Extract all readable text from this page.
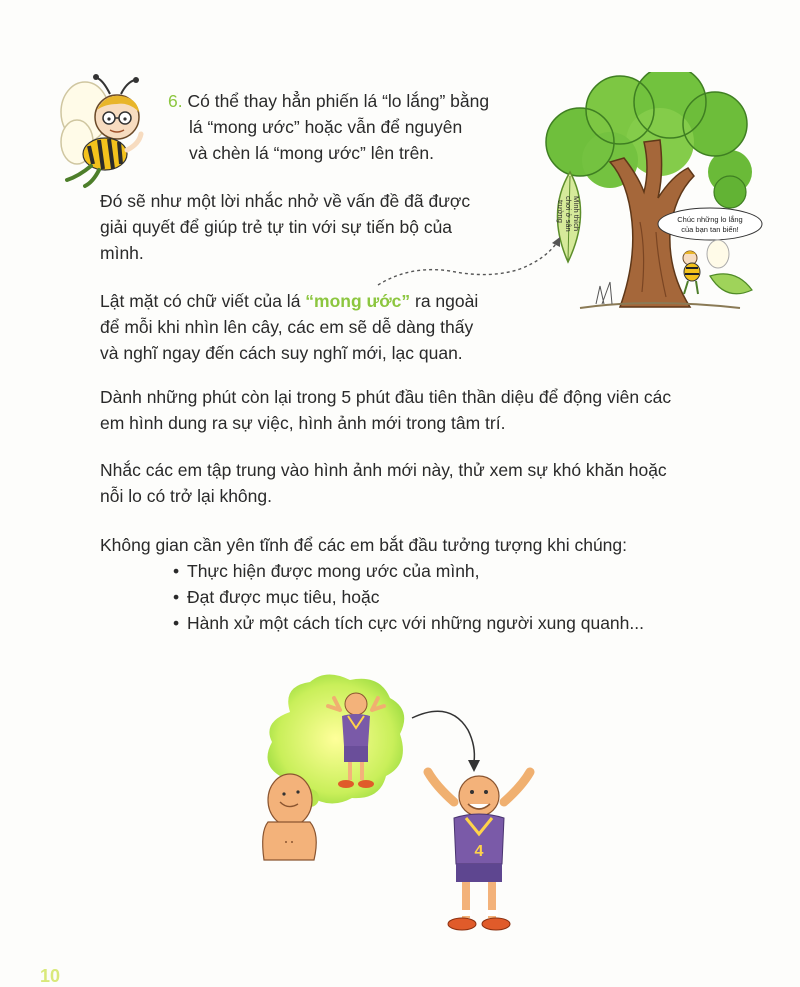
6. Có thể thay hẳn phiến lá “lo lắng” bằng
lá “mong ước” hoặc vẫn để nguyên
và chèn lá “mong ước” lên trên.
Đó sẽ như một lời nhắc nhở về vấn đề đã được
giải quyết để giúp trẻ tự tin với sự tiến bộ của
mình.
Lật mặt có chữ viết của lá “mong ước” ra ngoài
để mỗi khi nhìn lên cây, các em sẽ dễ dàng thấy
và nghĩ ngay đến cách suy nghĩ mới, lạc quan.
Mình thích
chơi ở sân
trường	Chúc những lo lắng
của bạn tan biến!
Dành những phút còn lại trong 5 phút đầu tiên thần diệu để động viên các
em hình dung ra sự việc, hình ảnh mới trong tâm trí.
Nhắc các em tập trung vào hình ảnh mới này, thử xem sự khó khăn hoặc
nỗi lo có trở lại không.
Không gian cần yên tĩnh để các em bắt đầu tưởng tượng khi chúng:
• Thực hiện được mong ước của mình,
• Đạt được mục tiêu, hoặc
• Hành xử một cách tích cực với những người xung quanh...
4
10
